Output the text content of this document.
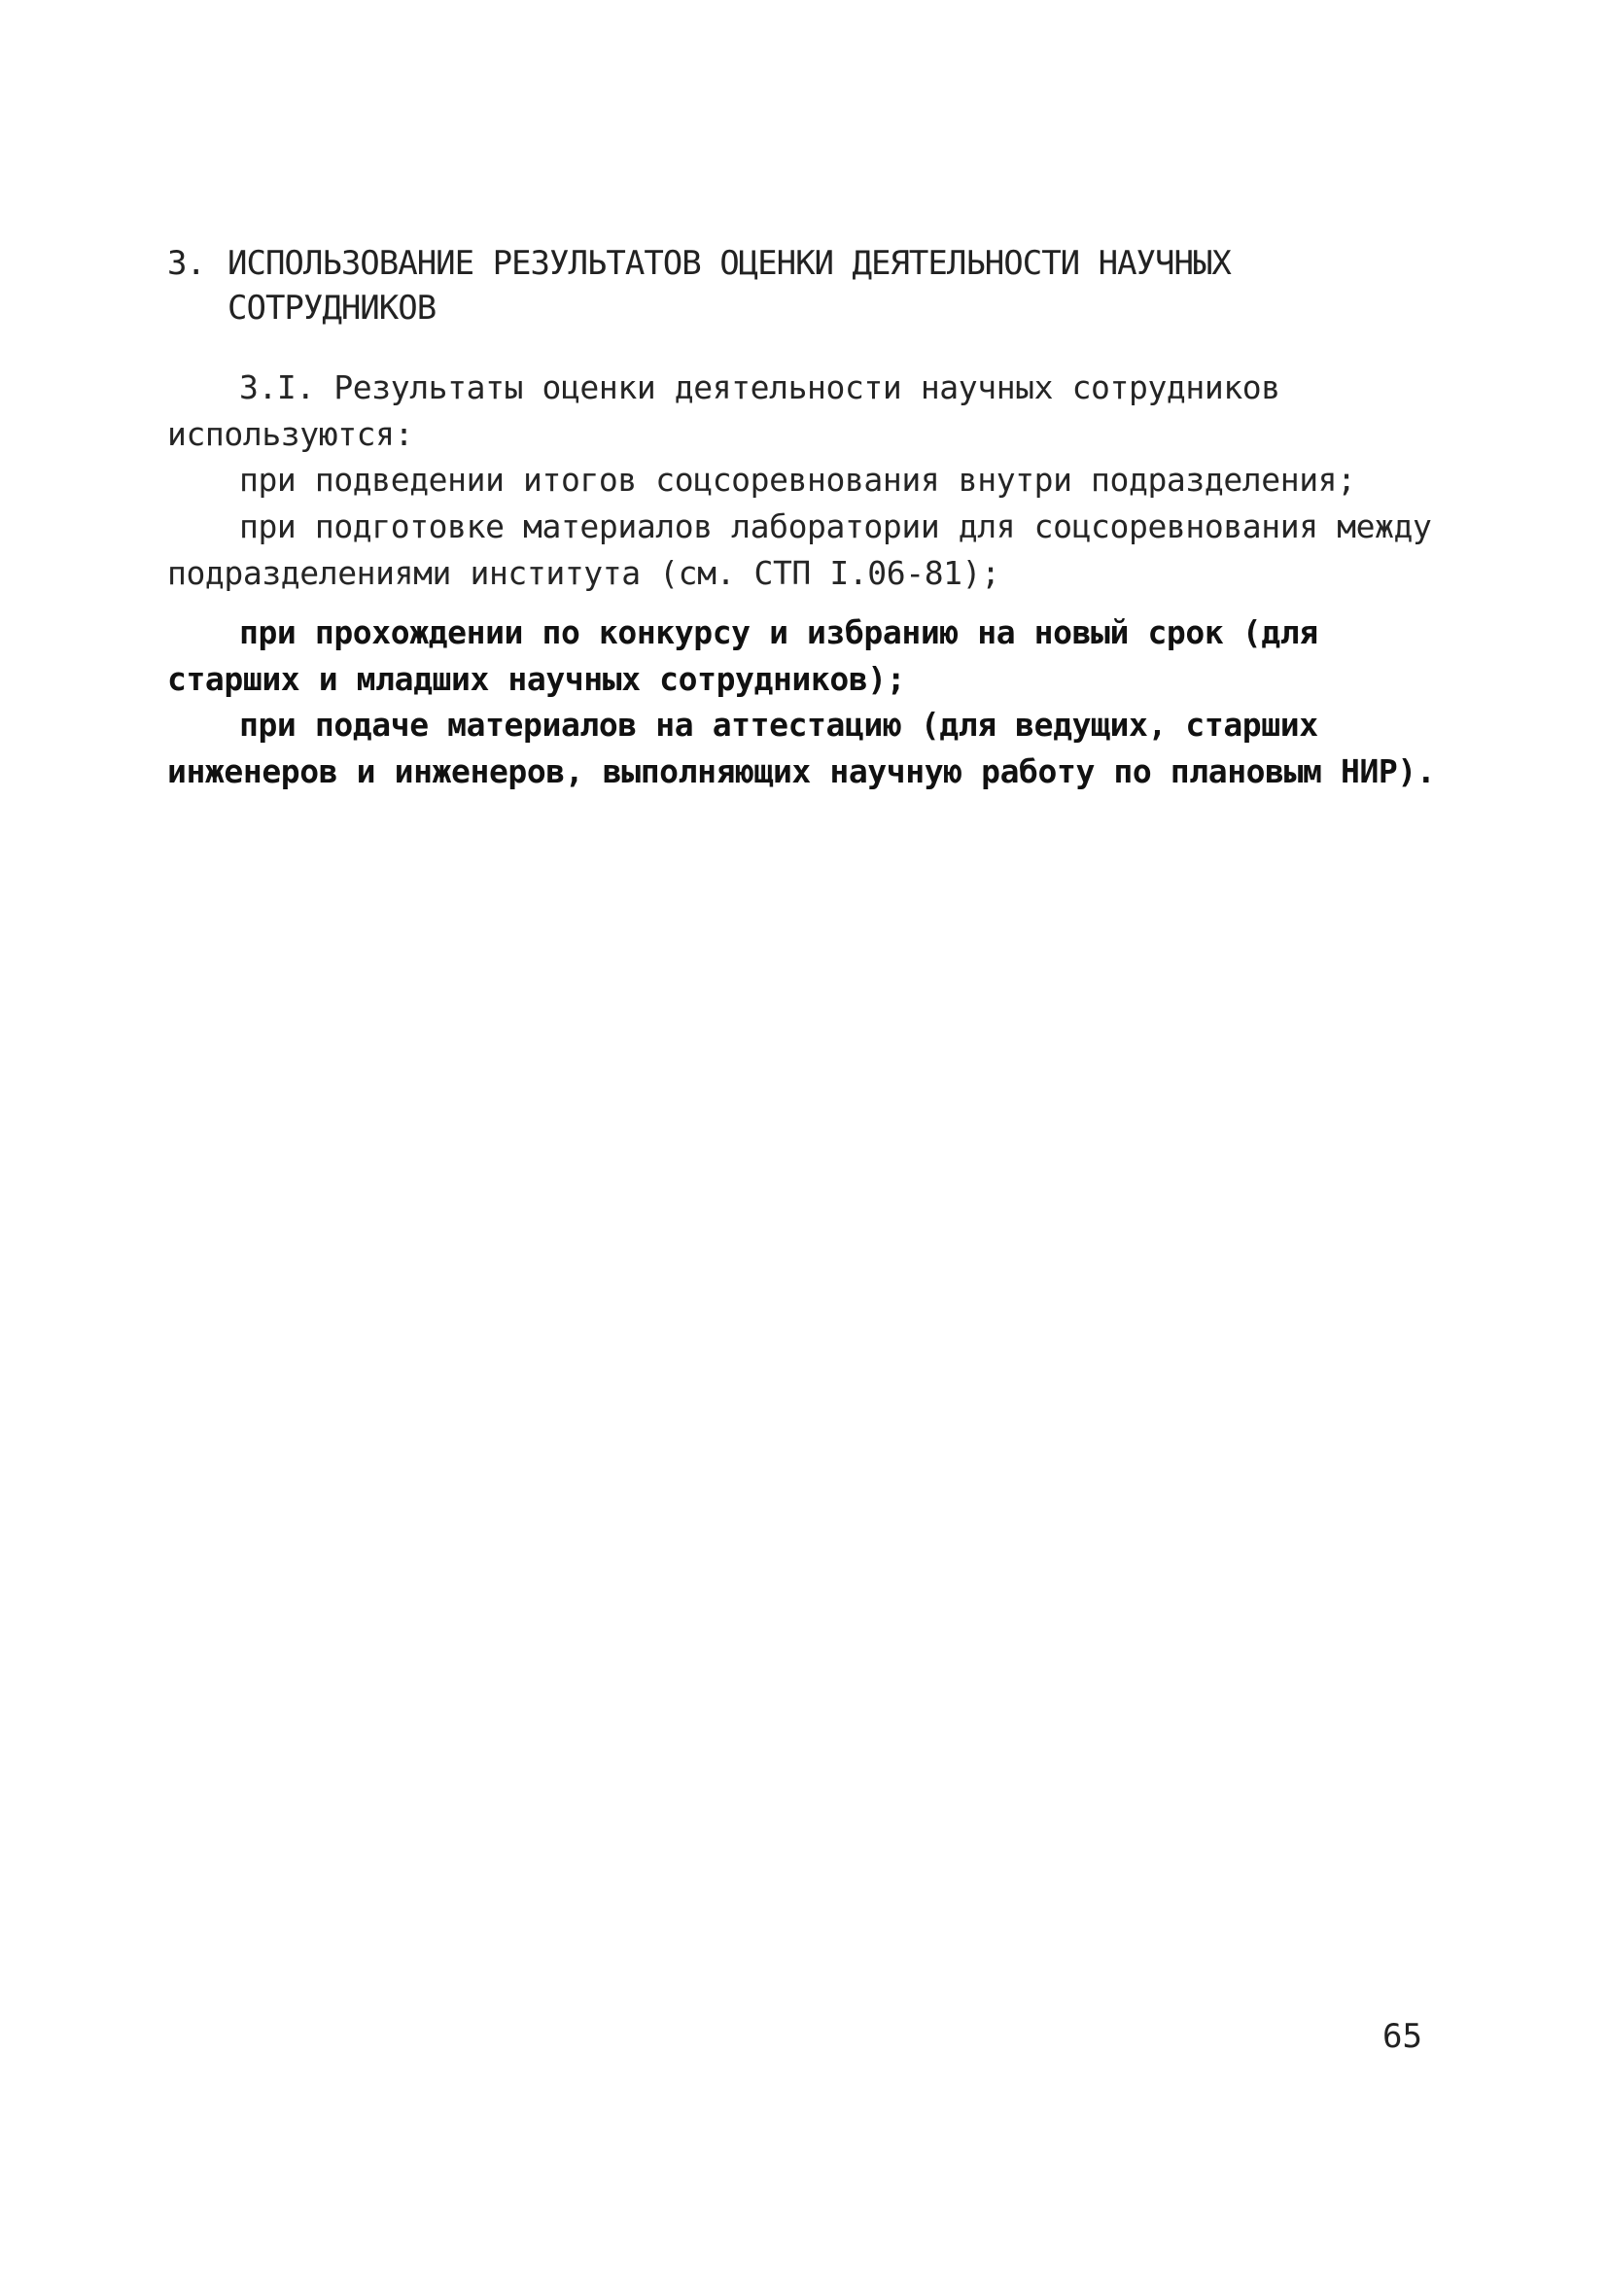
3. ИСПОЛЬЗОВАНИЕ РЕЗУЛЬТАТОВ ОЦЕНКИ ДЕЯТЕЛЬНОСТИ НАУЧНЫХ
СОТРУДНИКОВ
3.I. Результаты оценки деятельности научных сотрудников используются:
при подведении итогов соцсоревнования внутри подразделения;
при подготовке материалов лаборатории для соцсоревнования между подразделениями института (см. СТП I.06-81);
при прохождении по конкурсу и избранию на новый срок (для старших и младших научных сотрудников);
при подаче материалов на аттестацию (для ведущих, старших инженеров и инженеров, выполняющих научную работу по плановым НИР).
65
